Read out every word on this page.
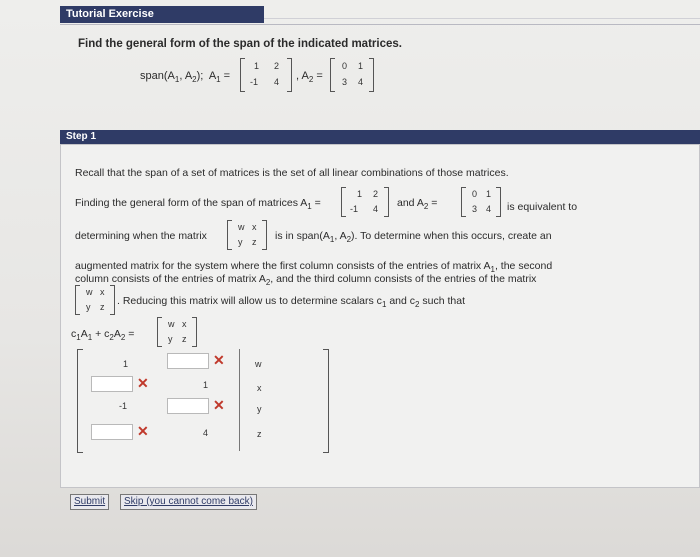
Tutorial Exercise
Find the general form of the span of the indicated matrices.
$span(A_1$, $A_2$);  $A_1$ =
1 2
-1 4 , $A_2$ =
0 1
3 4
Step 1
Recall that the span of a set of matrices is the set of all linear combinations of those matrices.
Finding the general form of the span of matrices $A_1$ =
1 2
-1 4 and $A_2$ =
0 1
3 4 is equivalent to
determining when the matrix
w x
y z is in $span(A_1$, $A_2$). To determine when this occurs, create an
augmented matrix for the system where the first column consists of the entries of matrix $A_1$, the second
column consists of the entries of matrix $A_2$, and the third column consists of the entries of the matrix
w x
y z . Reducing this matrix will allow us to determine scalars $c_1$ and $c_2$ such that
$c_1A_1 + c_2A_2$ =
w x
y z
1
✕
-1
✕
✕
1
✕
4
w
x
y
z
Submit	Skip (you cannot come back)
